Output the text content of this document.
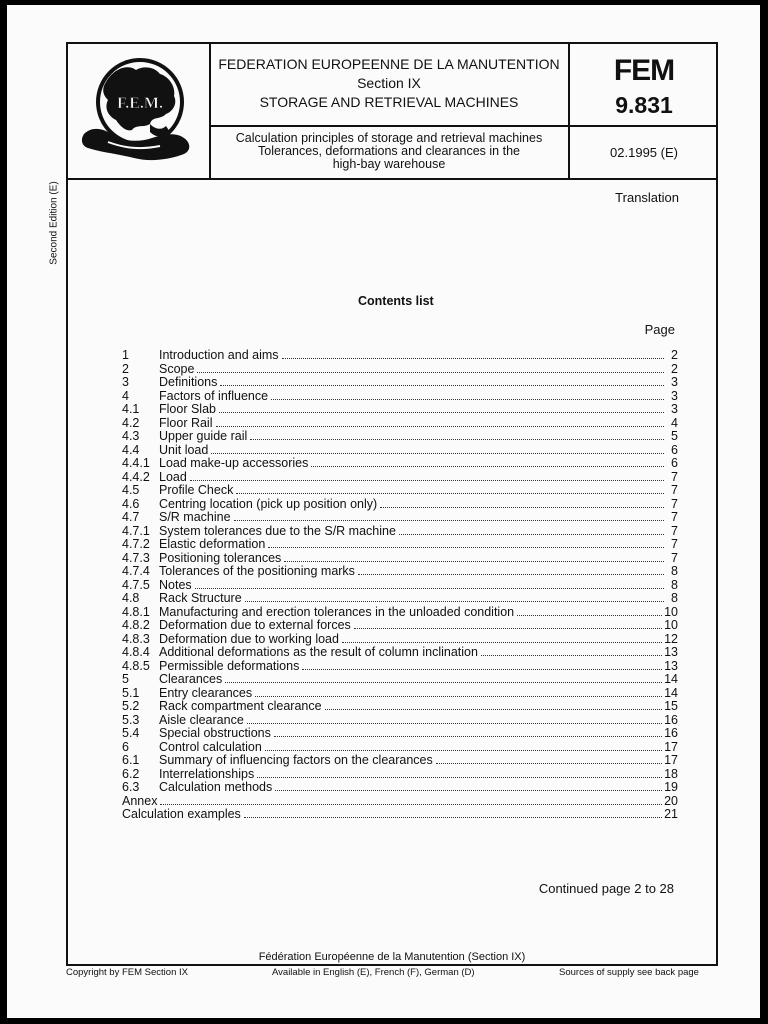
Second Edition (E)
F.E.M.
FEDERATION EUROPEENNE DE LA MANUTENTION
Section IX
STORAGE AND RETRIEVAL MACHINES
Calculation principles of storage and retrieval machines
Tolerances, deformations and clearances in the
high-bay warehouse
FEM
9.831
02.1995 (E)
Translation
Contents list
Page
1	Introduction and aims	2
2	Scope	2
3	Definitions	3
4	Factors of influence	3
4.1	Floor Slab	3
4.2	Floor Rail	4
4.3	Upper guide rail	5
4.4	Unit load	6
4.4.1 Load make-up accessories	6
4.4.2 Load	7
4.5	Profile Check	7
4.6	Centring location (pick up position only)	7
4.7	S/R machine	7
4.7.1 System tolerances due to the S/R machine	7
4.7.2 Elastic deformation	7
4.7.3 Positioning tolerances	7
4.7.4 Tolerances of the positioning marks	8
4.7.5 Notes	8
4.8	Rack Structure	8
4.8.1 Manufacturing and erection tolerances in the unloaded condition	10
4.8.2 Deformation due to external forces	10
4.8.3 Deformation due to working load	12
4.8.4 Additional deformations as the result of column inclination	13
4.8.5 Permissible deformations	13
5	Clearances	14
5.1	Entry clearances	14
5.2	Rack compartment clearance	15
5.3	Aisle clearance	16
5.4	Special obstructions	16
6	Control calculation	17
6.1	Summary of influencing factors on the clearances	17
6.2	Interrelationships	18
6.3	Calculation methods	19
Annex	20
Calculation examples	21
Continued page 2 to 28
Fédération Européenne de la Manutention (Section IX)
Copyright by FEM Section IX	Available in English (E), French (F), German (D)	Sources of supply see back page
